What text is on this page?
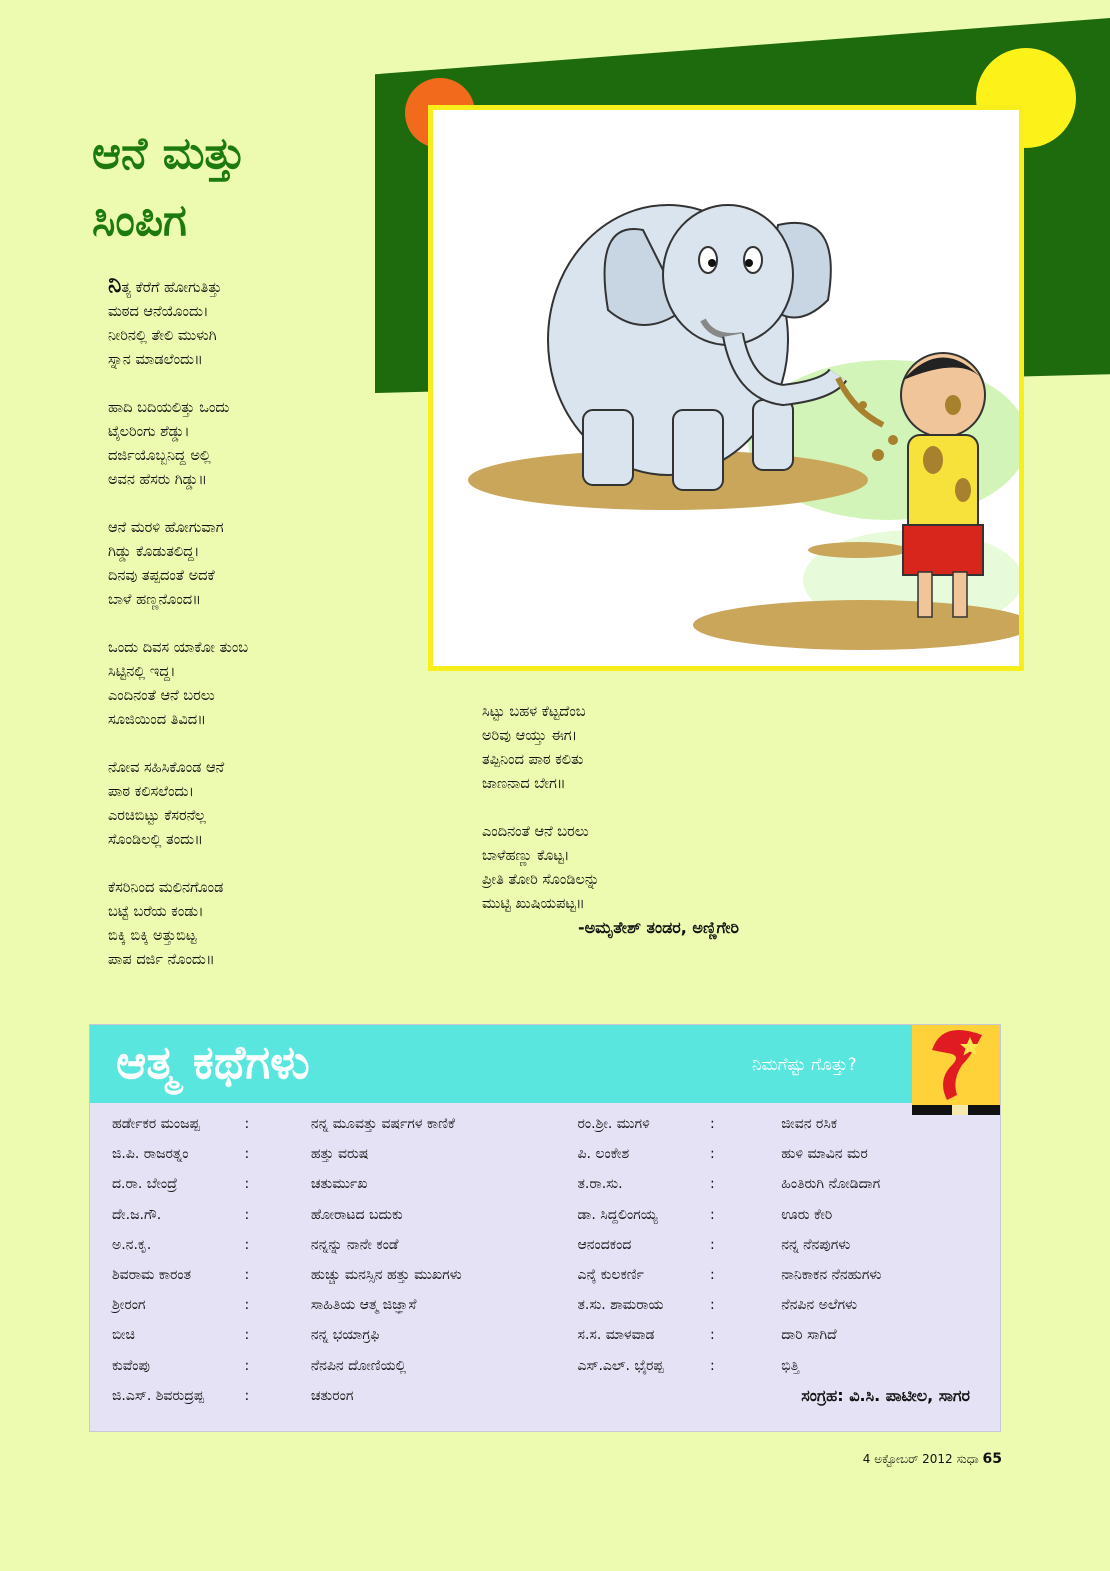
ಆನೆ ಮತ್ತು
ಸಿಂಪಿಗ
ನಿತ್ಯ ಕೆರೆಗೆ ಹೋಗುತಿತ್ತು
ಮಠದ ಆನೆಯೊಂದು।
ನೀರಿನಲ್ಲಿ ತೇಲಿ ಮುಳುಗಿ
ಸ್ನಾನ ಮಾಡಲೆಂದು॥
ಹಾದಿ ಬದಿಯಲಿತ್ತು ಒಂದು
ಟೈಲರಿಂಗು ಶೆಡ್ಡು।
ದರ್ಜಿಯೊಬ್ಬನಿದ್ದ ಅಲ್ಲಿ
ಅವನ ಹೆಸರು ಗಿಡ್ಡು॥
ಆನೆ ಮರಳಿ ಹೋಗುವಾಗ
ಗಿಡ್ಡು ಕೊಡುತಲಿದ್ದ।
ದಿನವು ತಪ್ಪದಂತೆ ಅದಕೆ
ಬಾಳೆ ಹಣ್ಣನೊಂದ॥
ಒಂದು ದಿವಸ ಯಾಕೋ ತುಂಬ
ಸಿಟ್ಟಿನಲ್ಲಿ ಇದ್ದ।
ಎಂದಿನಂತೆ ಆನೆ ಬರಲು
ಸೂಜಿಯಿಂದ ತಿವಿದ॥
ನೋವ ಸಹಿಸಿಕೊಂಡ ಆನೆ
ಪಾಠ ಕಲಿಸಲೆಂದು।
ಎರಚಿಬಿಟ್ಟು ಕೆಸರನೆಲ್ಲ
ಸೊಂಡಿಲಲ್ಲಿ ತಂದು॥
ಕೆಸರಿನಿಂದ ಮಲಿನಗೊಂಡ
ಬಟ್ಟೆ ಬರೆಯ ಕಂಡು।
ಬಿಕ್ಕಿ ಬಿಕ್ಕಿ ಅತ್ತುಬಿಟ್ಟ
ಪಾಪ ದರ್ಜಿ ನೊಂದು॥
ಸಿಟ್ಟು ಬಹಳ ಕೆಟ್ಟದೆಂಬ
ಅರಿವು ಆಯ್ತು ಈಗ।
ತಪ್ಪಿನಿಂದ ಪಾಠ ಕಲಿತು
ಜಾಣನಾದ ಬೇಗ॥
ಎಂದಿನಂತೆ ಆನೆ ಬರಲು
ಬಾಳೆಹಣ್ಣು ಕೊಟ್ಟ।
ಪ್ರೀತಿ ತೋರಿ ಸೊಂಡಿಲನ್ನು
ಮುಟ್ಟಿ ಖುಷಿಯಪಟ್ಟ॥
-ಅಮೃತೇಶ್ ತಂಡರ, ಅಣ್ಣಿಗೇರಿ
ಆತ್ಮ ಕಥೆಗಳು	ನಿಮಗೆಷ್ಟು ಗೊತ್ತು?
ಹರ್ಡೇಕರ ಮಂಜಪ್ಪ	:	ನನ್ನ ಮೂವತ್ತು ವರ್ಷಗಳ ಕಾಣಿಕೆ	ರಂ.ಶ್ರೀ. ಮುಗಳಿ	:	ಜೀವನ ರಸಿಕ
ಜಿ.ಪಿ. ರಾಜರತ್ನಂ	:	ಹತ್ತು ವರುಷ	ಪಿ. ಲಂಕೇಶ	:	ಹುಳಿ ಮಾವಿನ ಮರ
ದ.ರಾ. ಬೇಂದ್ರೆ	:	ಚತುರ್ಮುಖ	ತ.ರಾ.ಸು.	:	ಹಿಂತಿರುಗಿ ನೋಡಿದಾಗ
ದೇ.ಜ.ಗೌ.	:	ಹೋರಾಟದ ಬದುಕು	ಡಾ. ಸಿದ್ದಲಿಂಗಯ್ಯ	:	ಊರು ಕೇರಿ
ಅ.ನ.ಕೃ.	:	ನನ್ನನ್ನು ನಾನೇ ಕಂಡೆ	ಆನಂದಕಂದ	:	ನನ್ನ ನೆನಪುಗಳು
ಶಿವರಾಮ ಕಾರಂತ	:	ಹುಚ್ಚು ಮನಸ್ಸಿನ ಹತ್ತು ಮುಖಗಳು	ಎನ್ಕೆ ಕುಲಕರ್ಣಿ	:	ನಾನಿಕಾಕನ ನೆನಹುಗಳು
ಶ್ರೀರಂಗ	:	ಸಾಹಿತಿಯ ಆತ್ಮ ಜಿಜ್ಞಾಸೆ	ತ.ಸು. ಶಾಮರಾಯ	:	ನೆನಪಿನ ಅಲೆಗಳು
ಬೀಚಿ	:	ನನ್ನ ಭಯಾಗ್ರಫಿ	ಸ.ಸ. ಮಾಳವಾಡ	:	ದಾರಿ ಸಾಗಿದೆ
ಕುವೆಂಪು	:	ನೆನಪಿನ ದೋಣಿಯಲ್ಲಿ	ಎಸ್.ಎಲ್. ಭೈರಪ್ಪ	:	ಭಿತ್ತಿ
ಜಿ.ಎಸ್. ಶಿವರುದ್ರಪ್ಪ	:	ಚತುರಂಗ	ಸಂಗ್ರಹ: ವಿ.ಸಿ. ಪಾಟೀಲ, ಸಾಗರ		
4 ಅಕ್ಟೋಬರ್ 2012 ಸುಧಾ 65
